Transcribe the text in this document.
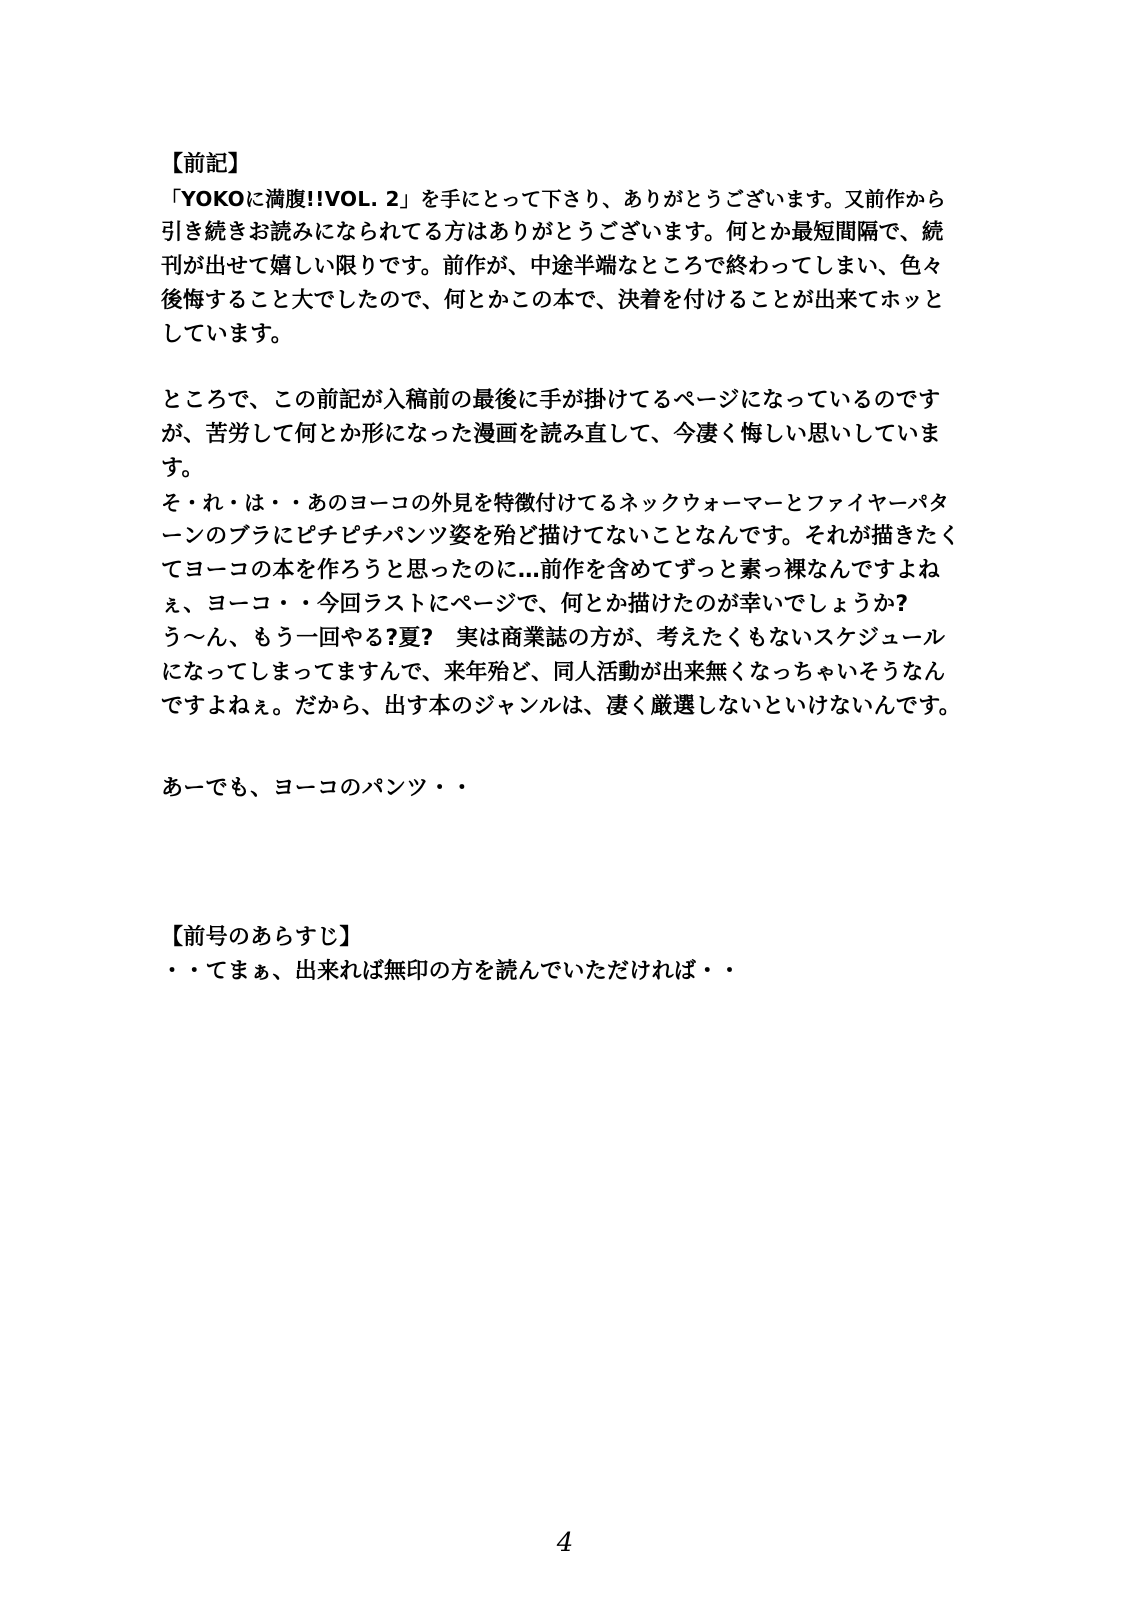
【前記】
「YOKOに満腹!!VOL. 2」を手にとって下さり、ありがとうございます。又前作から
引き続きお読みになられてる方はありがとうございます。何とか最短間隔で、続
刊が出せて嬉しい限りです。前作が、中途半端なところで終わってしまい、色々
後悔すること大でしたので、何とかこの本で、決着を付けることが出来てホッと
しています。
ところで、この前記が入稿前の最後に手が掛けてるページになっているのです
が、苦労して何とか形になった漫画を読み直して、今凄く悔しい思いしていま
す。
そ・れ・は・・あのヨーコの外見を特徴付けてるネックウォーマーとファイヤーパタ
ーンのブラにピチピチパンツ姿を殆ど描けてないことなんです。それが描きたく
てヨーコの本を作ろうと思ったのに…前作を含めてずっと素っ裸なんですよね
ぇ、ヨーコ・・今回ラストにページで、何とか描けたのが幸いでしょうか?
う～ん、もう一回やる?夏?　実は商業誌の方が、考えたくもないスケジュール
になってしまってますんで、来年殆ど、同人活動が出来無くなっちゃいそうなん
ですよねぇ。だから、出す本のジャンルは、凄く厳選しないといけないんです。
あーでも、ヨーコのパンツ・・
【前号のあらすじ】
・・てまぁ、出来れば無印の方を読んでいただければ・・
4
